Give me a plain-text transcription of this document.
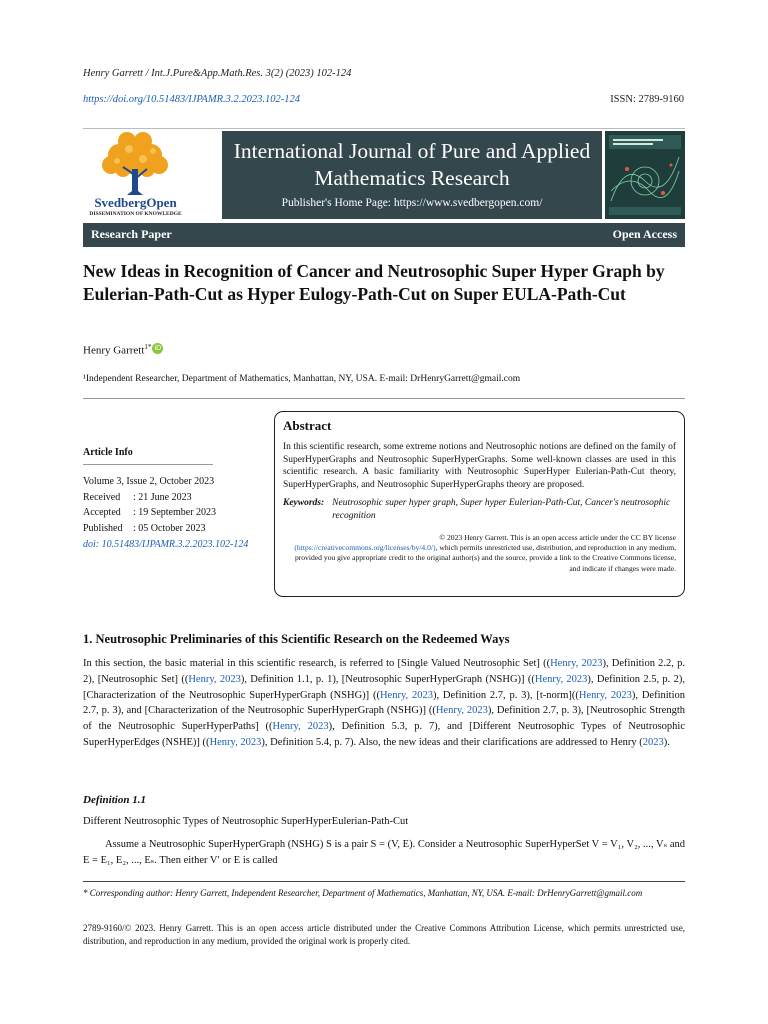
Henry Garrett / Int.J.Pure&App.Math.Res. 3(2) (2023) 102-124
https://doi.org/10.51483/IJPAMR.3.2.2023.102-124	ISSN: 2789-9160
SvedbergOpen
DISSEMINATION OF KNOWLEDGE
International Journal of Pure and Applied Mathematics Research
Publisher's Home Page: https://www.svedbergopen.com/
Research Paper	Open Access
New Ideas in Recognition of Cancer and Neutrosophic Super Hyper Graph by Eulerian-Path-Cut as Hyper Eulogy-Path-Cut on Super EULA-Path-Cut
Henry Garrett$^{1*}$ iD
¹Independent Researcher, Department of Mathematics, Manhattan, NY, USA. E-mail: DrHenryGarrett@gmail.com
Article Info
Volume 3, Issue 2, October 2023
Received : 21 June 2023
Accepted : 19 September 2023
Published : 05 October 2023
doi: 10.51483/IJPAMR.3.2.2023.102-124
Abstract
In this scientific research, some extreme notions and Neutrosophic notions are defined on the family of SuperHyperGraphs and Neutrosophic SuperHyperGraphs. Some well-known classes are used in this scientific research. A basic familiarity with Neutrosophic SuperHyper Eulerian-Path-Cut theory, SuperHyperGraphs, and Neutrosophic SuperHyperGraphs theory are proposed.
Keywords: Neutrosophic super hyper graph, Super hyper Eulerian-Path-Cut, Cancer's neutrosophic recognition
© 2023 Henry Garrett. This is an open access article under the CC BY license
(https://creativecommons.org/licenses/by/4.0/), which permits unrestricted use, distribution, and reproduction in any medium, provided you give appropriate credit to the original author(s) and the source, provide a link to the Creative Commons license, and indicate if changes were made.
1. Neutrosophic Preliminaries of this Scientific Research on the Redeemed Ways
In this section, the basic material in this scientific research, is referred to [Single Valued Neutrosophic Set] ((Henry, 2023), Definition 2.2, p. 2), [Neutrosophic Set] ((Henry, 2023), Definition 1.1, p. 1), [Neutrosophic SuperHyperGraph (NSHG)] ((Henry, 2023), Definition 2.5, p. 2), [Characterization of the Neutrosophic SuperHyperGraph (NSHG)] ((Henry, 2023), Definition 2.7, p. 3), [t-norm]((Henry, 2023), Definition 2.7, p. 3), and [Characterization of the Neutrosophic SuperHyperGraph (NSHG)] ((Henry, 2023), Definition 2.7, p. 3), [Neutrosophic Strength of the Neutrosophic SuperHyperPaths] ((Henry, 2023), Definition 5.3, p. 7), and [Different Neutrosophic Types of Neutrosophic SuperHyperEdges (NSHE)] ((Henry, 2023), Definition 5.4, p. 7). Also, the new ideas and their clarifications are addressed to Henry (2023).
Definition 1.1
Different Neutrosophic Types of Neutrosophic SuperHyperEulerian-Path-Cut
Assume a Neutrosophic SuperHyperGraph (NSHG) S is a pair S = (V, E). Consider a Neutrosophic SuperHyperSet V = V₁, V₂, ..., Vₛ and E = E₁, E₂, ..., Eₛ. Then either V′ or E is called
* Corresponding author: Henry Garrett, Independent Researcher, Department of Mathematics, Manhattan, NY, USA. E-mail: DrHenryGarrett@gmail.com
2789-9160/© 2023. Henry Garrett. This is an open access article distributed under the Creative Commons Attribution License, which permits unrestricted use, distribution, and reproduction in any medium, provided the original work is properly cited.
